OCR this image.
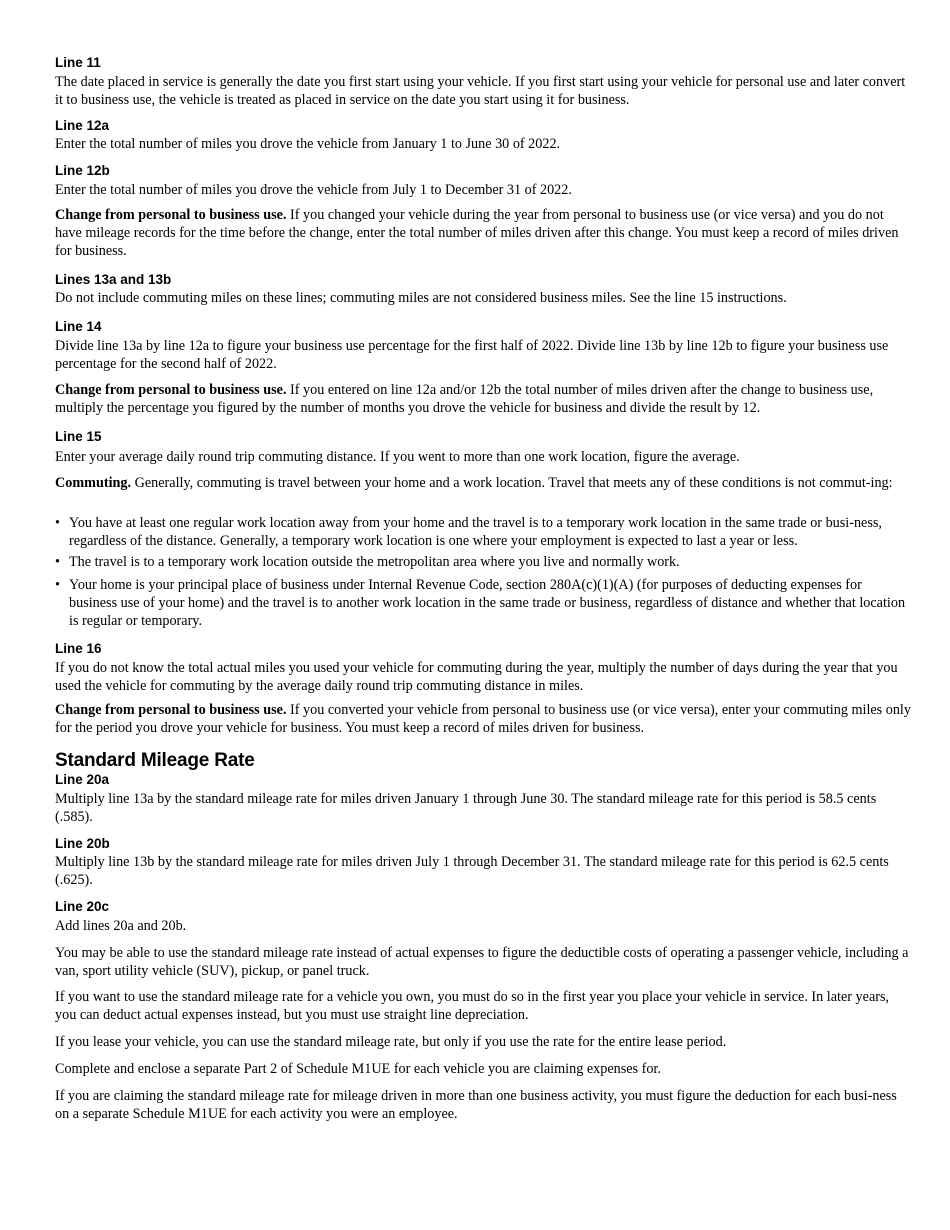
Line 11

The date placed in service is generally the date you first start using your vehicle. If you first start using your vehicle for personal use and later convert it to business use, the vehicle is treated as placed in service on the date you start using it for business.

Line 12a

Enter the total number of miles you drove the vehicle from January 1 to June 30 of 2022.

Line 12b

Enter the total number of miles you drove the vehicle from July 1 to December 31 of 2022.

Change from personal to business use. If you changed your vehicle during the year from personal to business use (or vice versa) and you do not have mileage records for the time before the change, enter the total number of miles driven after this change. You must keep a record of miles driven for business.

Lines 13a and 13b

Do not include commuting miles on these lines; commuting miles are not considered business miles. See the line 15 instructions.

Line 14

Divide line 13a by line 12a to figure your business use percentage for the first half of 2022. Divide line 13b by line 12b to figure your business use percentage for the second half of 2022.

Change from personal to business use. If you entered on line 12a and/or 12b the total number of miles driven after the change to business use, multiply the percentage you figured by the number of months you drove the vehicle for business and divide the result by 12.

Line 15

Enter your average daily round trip commuting distance. If you went to more than one work location, figure the average.

Commuting. Generally, commuting is travel between your home and a work location. Travel that meets any of these conditions is not commut-ing:

• You have at least one regular work location away from your home and the travel is to a temporary work location in the same trade or busi-ness, regardless of the distance. Generally, a temporary work location is one where your employment is expected to last a year or less.
• The travel is to a temporary work location outside the metropolitan area where you live and normally work.
• Your home is your principal place of business under Internal Revenue Code, section 280A(c)(1)(A) (for purposes of deducting expenses for business use of your home) and the travel is to another work location in the same trade or business, regardless of distance and whether that location is regular or temporary.
Line 16

If you do not know the total actual miles you used your vehicle for commuting during the year, multiply the number of days during the year that you used the vehicle for commuting by the average daily round trip commuting distance in miles.

Change from personal to business use. If you converted your vehicle from personal to business use (or vice versa), enter your commuting miles only for the period you drove your vehicle for business. You must keep a record of miles driven for business.

Standard Mileage Rate
Line 20a

Multiply line 13a by the standard mileage rate for miles driven January 1 through June 30. The standard mileage rate for this period is 58.5 cents (.585).

Line 20b

Multiply line 13b by the standard mileage rate for miles driven July 1 through December 31. The standard mileage rate for this period is 62.5 cents (.625).

Line 20c

Add lines 20a and 20b.

You may be able to use the standard mileage rate instead of actual expenses to figure the deductible costs of operating a passenger vehicle, including a van, sport utility vehicle (SUV), pickup, or panel truck.

If you want to use the standard mileage rate for a vehicle you own, you must do so in the first year you place your vehicle in service. In later years, you can deduct actual expenses instead, but you must use straight line depreciation.

If you lease your vehicle, you can use the standard mileage rate, but only if you use the rate for the entire lease period.

Complete and enclose a separate Part 2 of Schedule M1UE for each vehicle you are claiming expenses for.

If you are claiming the standard mileage rate for mileage driven in more than one business activity, you must figure the deduction for each busi-ness on a separate Schedule M1UE for each activity you were an employee.
